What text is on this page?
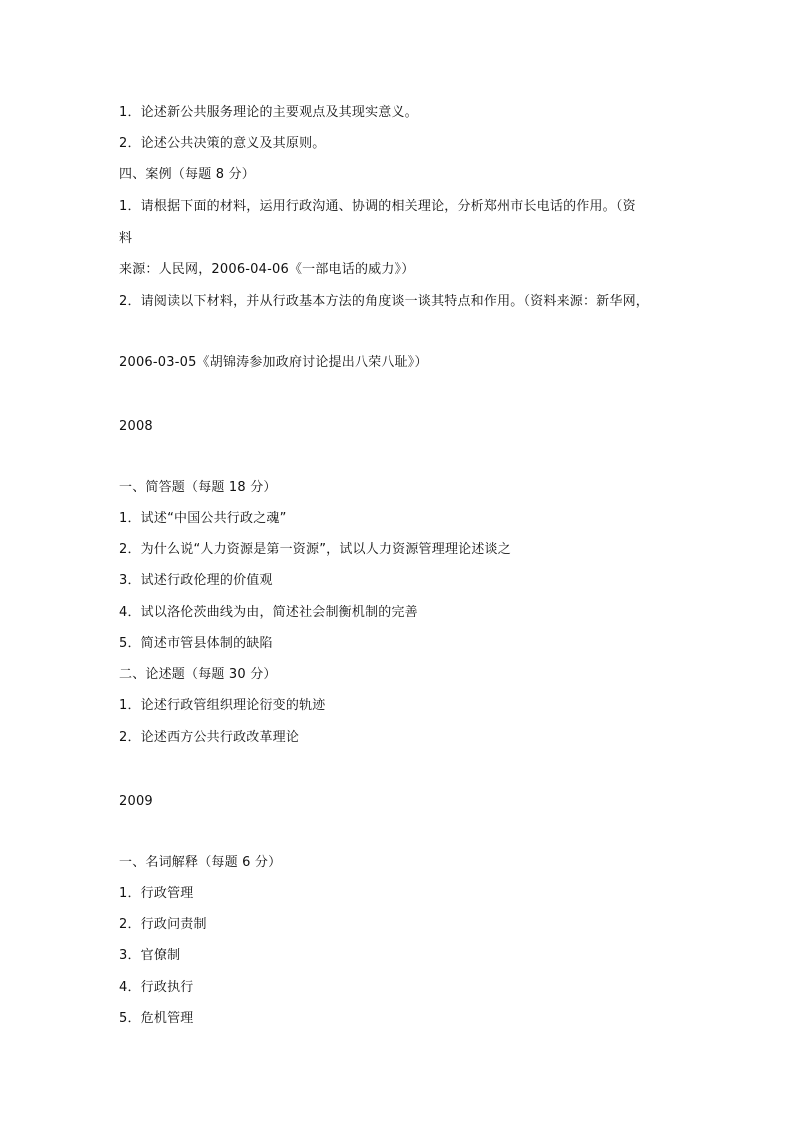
1．论述新公共服务理论的主要观点及其现实意义。
2．论述公共决策的意义及其原则。
四、案例（每题 8 分）
1．请根据下面的材料，运用行政沟通、协调的相关理论，分析郑州市长电话的作用。（资
料
来源：人民网，2006-04-06《一部电话的威力》）
2．请阅读以下材料，并从行政基本方法的角度谈一谈其特点和作用。（资料来源：新华网，
2006-03-05《胡锦涛参加政府讨论提出八荣八耻》）
2008
一、简答题（每题 18 分）
1．试述“中国公共行政之魂”
2．为什么说“人力资源是第一资源”，试以人力资源管理理论述谈之
3．试述行政伦理的价值观
4．试以洛伦茨曲线为由，简述社会制衡机制的完善
5．简述市管县体制的缺陷
二、论述题（每题 30 分）
1．论述行政管组织理论衍变的轨迹
2．论述西方公共行政改革理论
2009
一、名词解释（每题 6 分）
1．行政管理
2．行政问责制
3．官僚制
4．行政执行
5．危机管理
